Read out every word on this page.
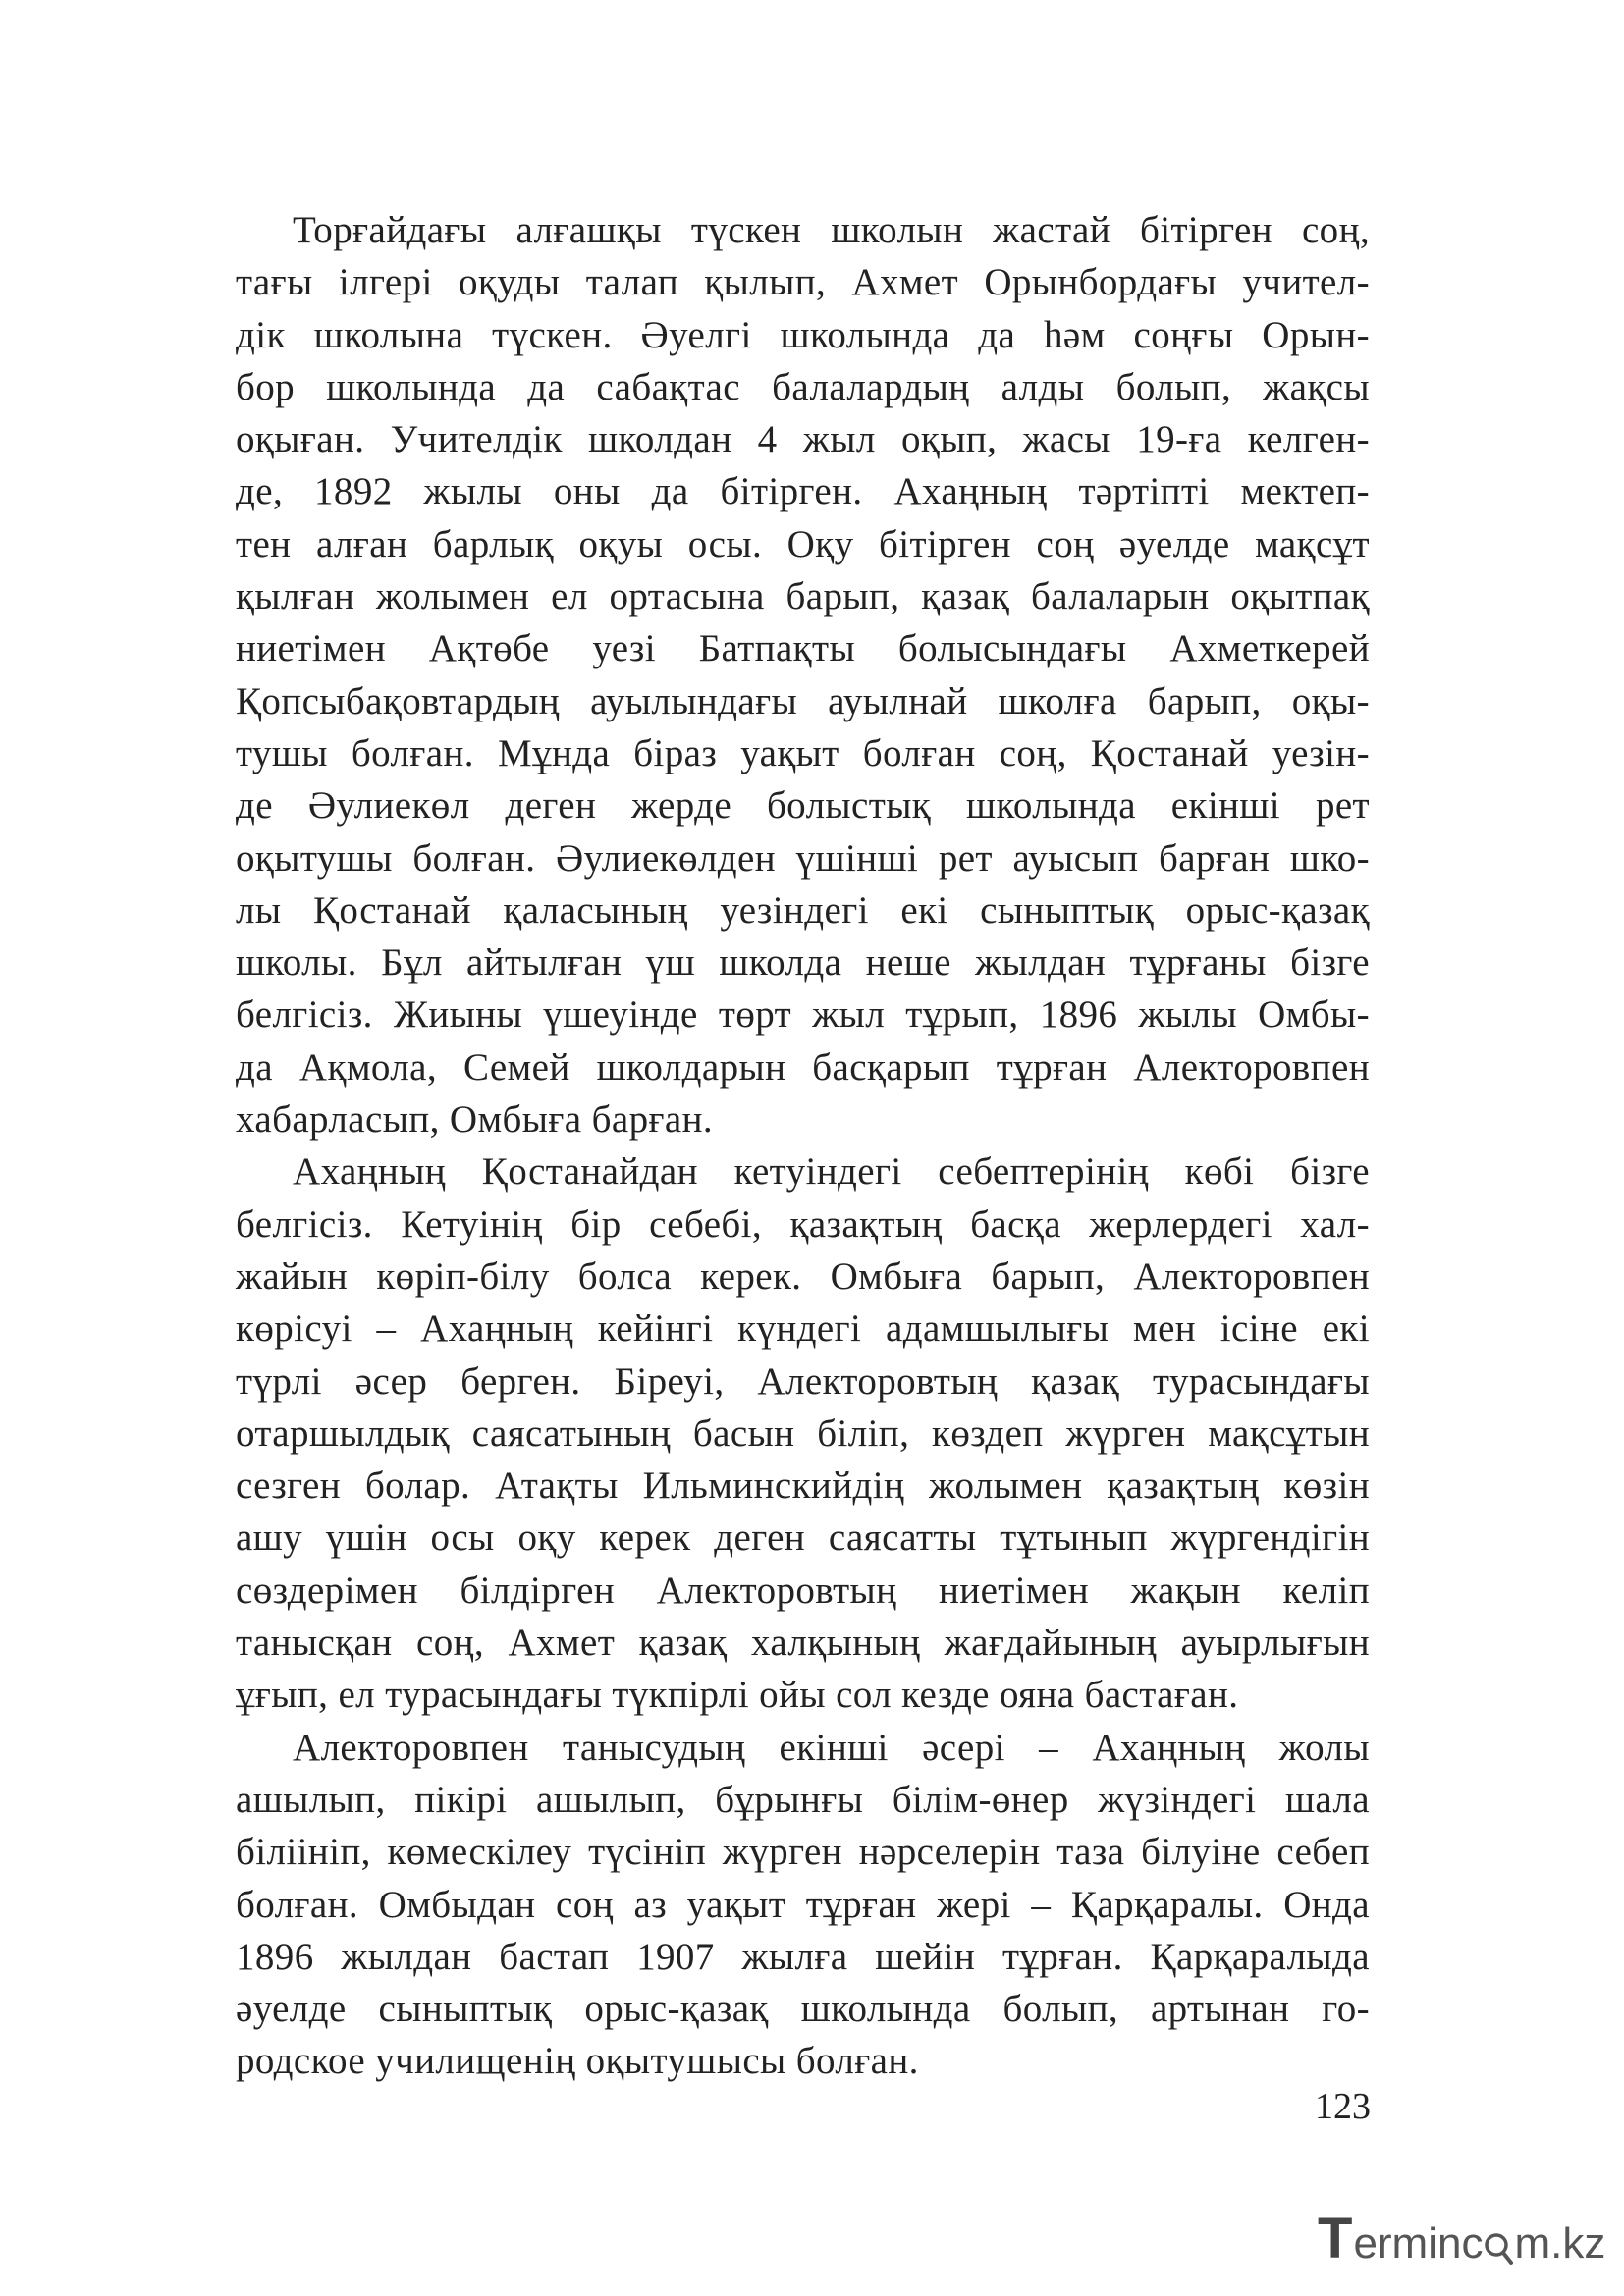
Торғайдағы алғашқы түскен школын жастай бітірген соң,
тағы ілгері оқуды талап қылып, Ахмет Орынбордағы учител-
дік школына түскен. Әуелгі школында да һәм соңғы Орын-
бор школында да сабақтас балалардың алды болып, жақсы
оқыған. Учителдік школдан 4 жыл оқып, жасы 19-ға келген-
де, 1892 жылы оны да бітірген. Ахаңның тәртіпті мектеп-
тен алған барлық оқуы осы. Оқу бітірген соң әуелде мақсұт
қылған жолымен ел ортасына барып, қазақ балаларын оқытпақ
ниетімен Ақтөбе уезі Батпақты болысындағы Ахметкерей
Қопсыбақовтардың ауылындағы ауылнай школға барып, оқы-
тушы болған. Мұнда біраз уақыт болған соң, Қостанай уезін-
де Әулиекөл деген жерде болыстық школында екінші рет
оқытушы болған. Әулиекөлден үшінші рет ауысып барған шко-
лы Қостанай қаласының уезіндегі екі сыныптық орыс-қазақ
школы. Бұл айтылған үш школда неше жылдан тұрғаны бізге
белгісіз. Жиыны үшеуінде төрт жыл тұрып, 1896 жылы Омбы-
да Ақмола, Семей школдарын басқарып тұрған Алекторовпен
хабарласып, Омбыға барған.
Ахаңның Қостанайдан кетуіндегі себептерінің көбі бізге
белгісіз. Кетуінің бір себебі, қазақтың басқа жерлердегі хал-
жайын көріп-білу болса керек. Омбыға барып, Алекторовпен
көрісуі – Ахаңның кейінгі күндегі адамшылығы мен ісіне екі
түрлі әсер берген. Біреуі, Алекторовтың қазақ турасындағы
отаршылдық саясатының басын біліп, көздеп жүрген мақсұтын
сезген болар. Атақты Ильминскийдің жолымен қазақтың көзін
ашу үшін осы оқу керек деген саясатты тұтынып жүргендігін
сөздерімен білдірген Алекторовтың ниетімен жақын келіп
танысқан соң, Ахмет қазақ халқының жағдайының ауырлығын
ұғып, ел турасындағы түкпірлі ойы сол кезде ояна бастаған.
Алекторовпен танысудың екінші әсері – Ахаңның жолы
ашылып, пікірі ашылып, бұрынғы білім-өнер жүзіндегі шала
біліініп, көмескілеу түсініп жүрген нәрселерін таза білуіне себеп
болған. Омбыдан соң аз уақыт тұрған жері – Қарқаралы. Онда
1896 жылдан бастап 1907 жылға шейін тұрған. Қарқаралыда
әуелде сыныптық орыс-қазақ школында болып, артынан го-
родское училищенің оқытушысы болған.
123
T erminc m.kz
